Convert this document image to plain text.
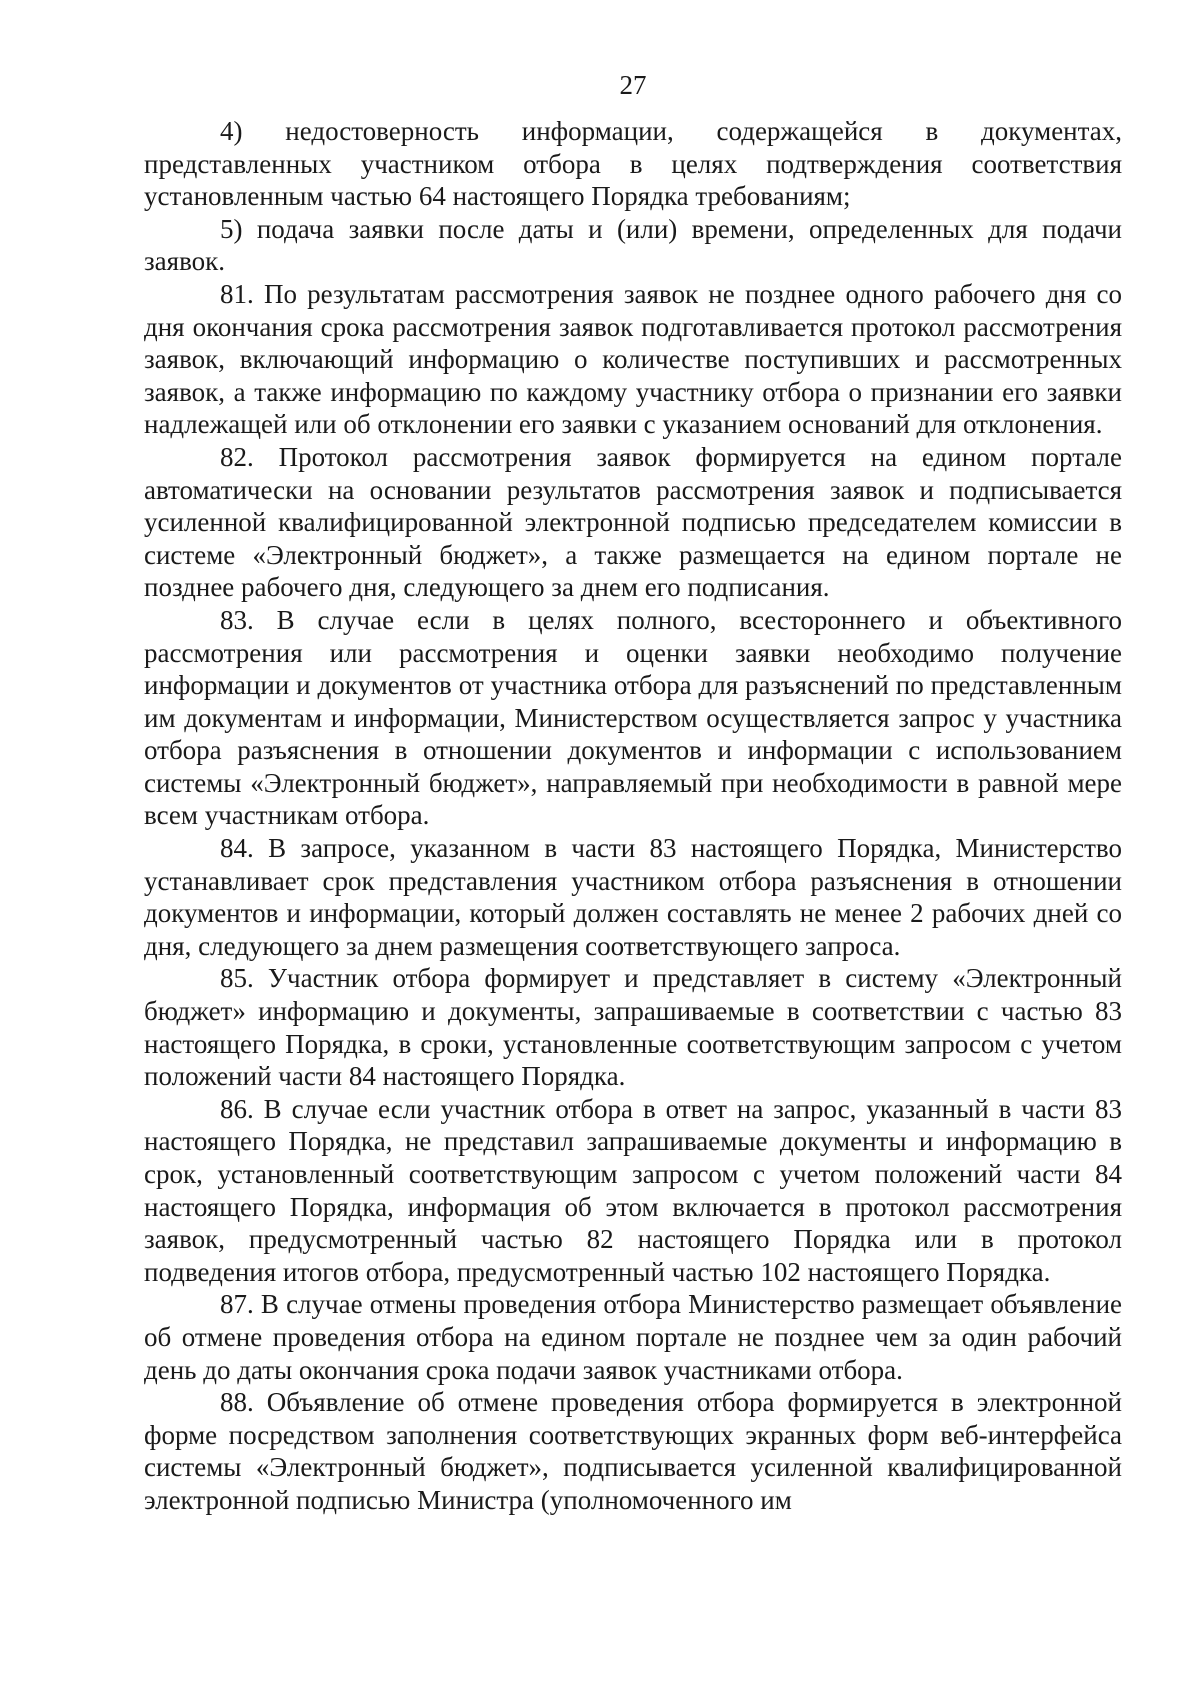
27

4) недостоверность информации, содержащейся в документах, представленных участником отбора в целях подтверждения соответствия установленным частью 64 настоящего Порядка требованиям;

5) подача заявки после даты и (или) времени, определенных для подачи заявок.

81. По результатам рассмотрения заявок не позднее одного рабочего дня со дня окончания срока рассмотрения заявок подготавливается протокол рассмотрения заявок, включающий информацию о количестве поступивших и рассмотренных заявок, а также информацию по каждому участнику отбора о признании его заявки надлежащей или об отклонении его заявки с указанием оснований для отклонения.

82. Протокол рассмотрения заявок формируется на едином портале автоматически на основании результатов рассмотрения заявок и подписывается усиленной квалифицированной электронной подписью председателем комиссии в системе «Электронный бюджет», а также размещается на едином портале не позднее рабочего дня, следующего за днем его подписания.

83. В случае если в целях полного, всестороннего и объективного рассмотрения или рассмотрения и оценки заявки необходимо получение информации и документов от участника отбора для разъяснений по представленным им документам и информации, Министерством осуществляется запрос у участника отбора разъяснения в отношении документов и информации с использованием системы «Электронный бюджет», направляемый при необходимости в равной мере всем участникам отбора.

84. В запросе, указанном в части 83 настоящего Порядка, Министерство устанавливает срок представления участником отбора разъяснения в отношении документов и информации, который должен составлять не менее 2 рабочих дней со дня, следующего за днем размещения соответствующего запроса.

85. Участник отбора формирует и представляет в систему «Электронный бюджет» информацию и документы, запрашиваемые в соответствии с частью 83 настоящего Порядка, в сроки, установленные соответствующим запросом с учетом положений части 84 настоящего Порядка.

86. В случае если участник отбора в ответ на запрос, указанный в части 83 настоящего Порядка, не представил запрашиваемые документы и информацию в срок, установленный соответствующим запросом с учетом положений части 84 настоящего Порядка, информация об этом включается в протокол рассмотрения заявок, предусмотренный частью 82 настоящего Порядка или в протокол подведения итогов отбора, предусмотренный частью 102 настоящего Порядка.

87. В случае отмены проведения отбора Министерство размещает объявление об отмене проведения отбора на едином портале не позднее чем за один рабочий день до даты окончания срока подачи заявок участниками отбора.

88. Объявление об отмене проведения отбора формируется в электронной форме посредством заполнения соответствующих экранных форм веб-интерфейса системы «Электронный бюджет», подписывается усиленной квалифицированной электронной подписью Министра (уполномоченного им
